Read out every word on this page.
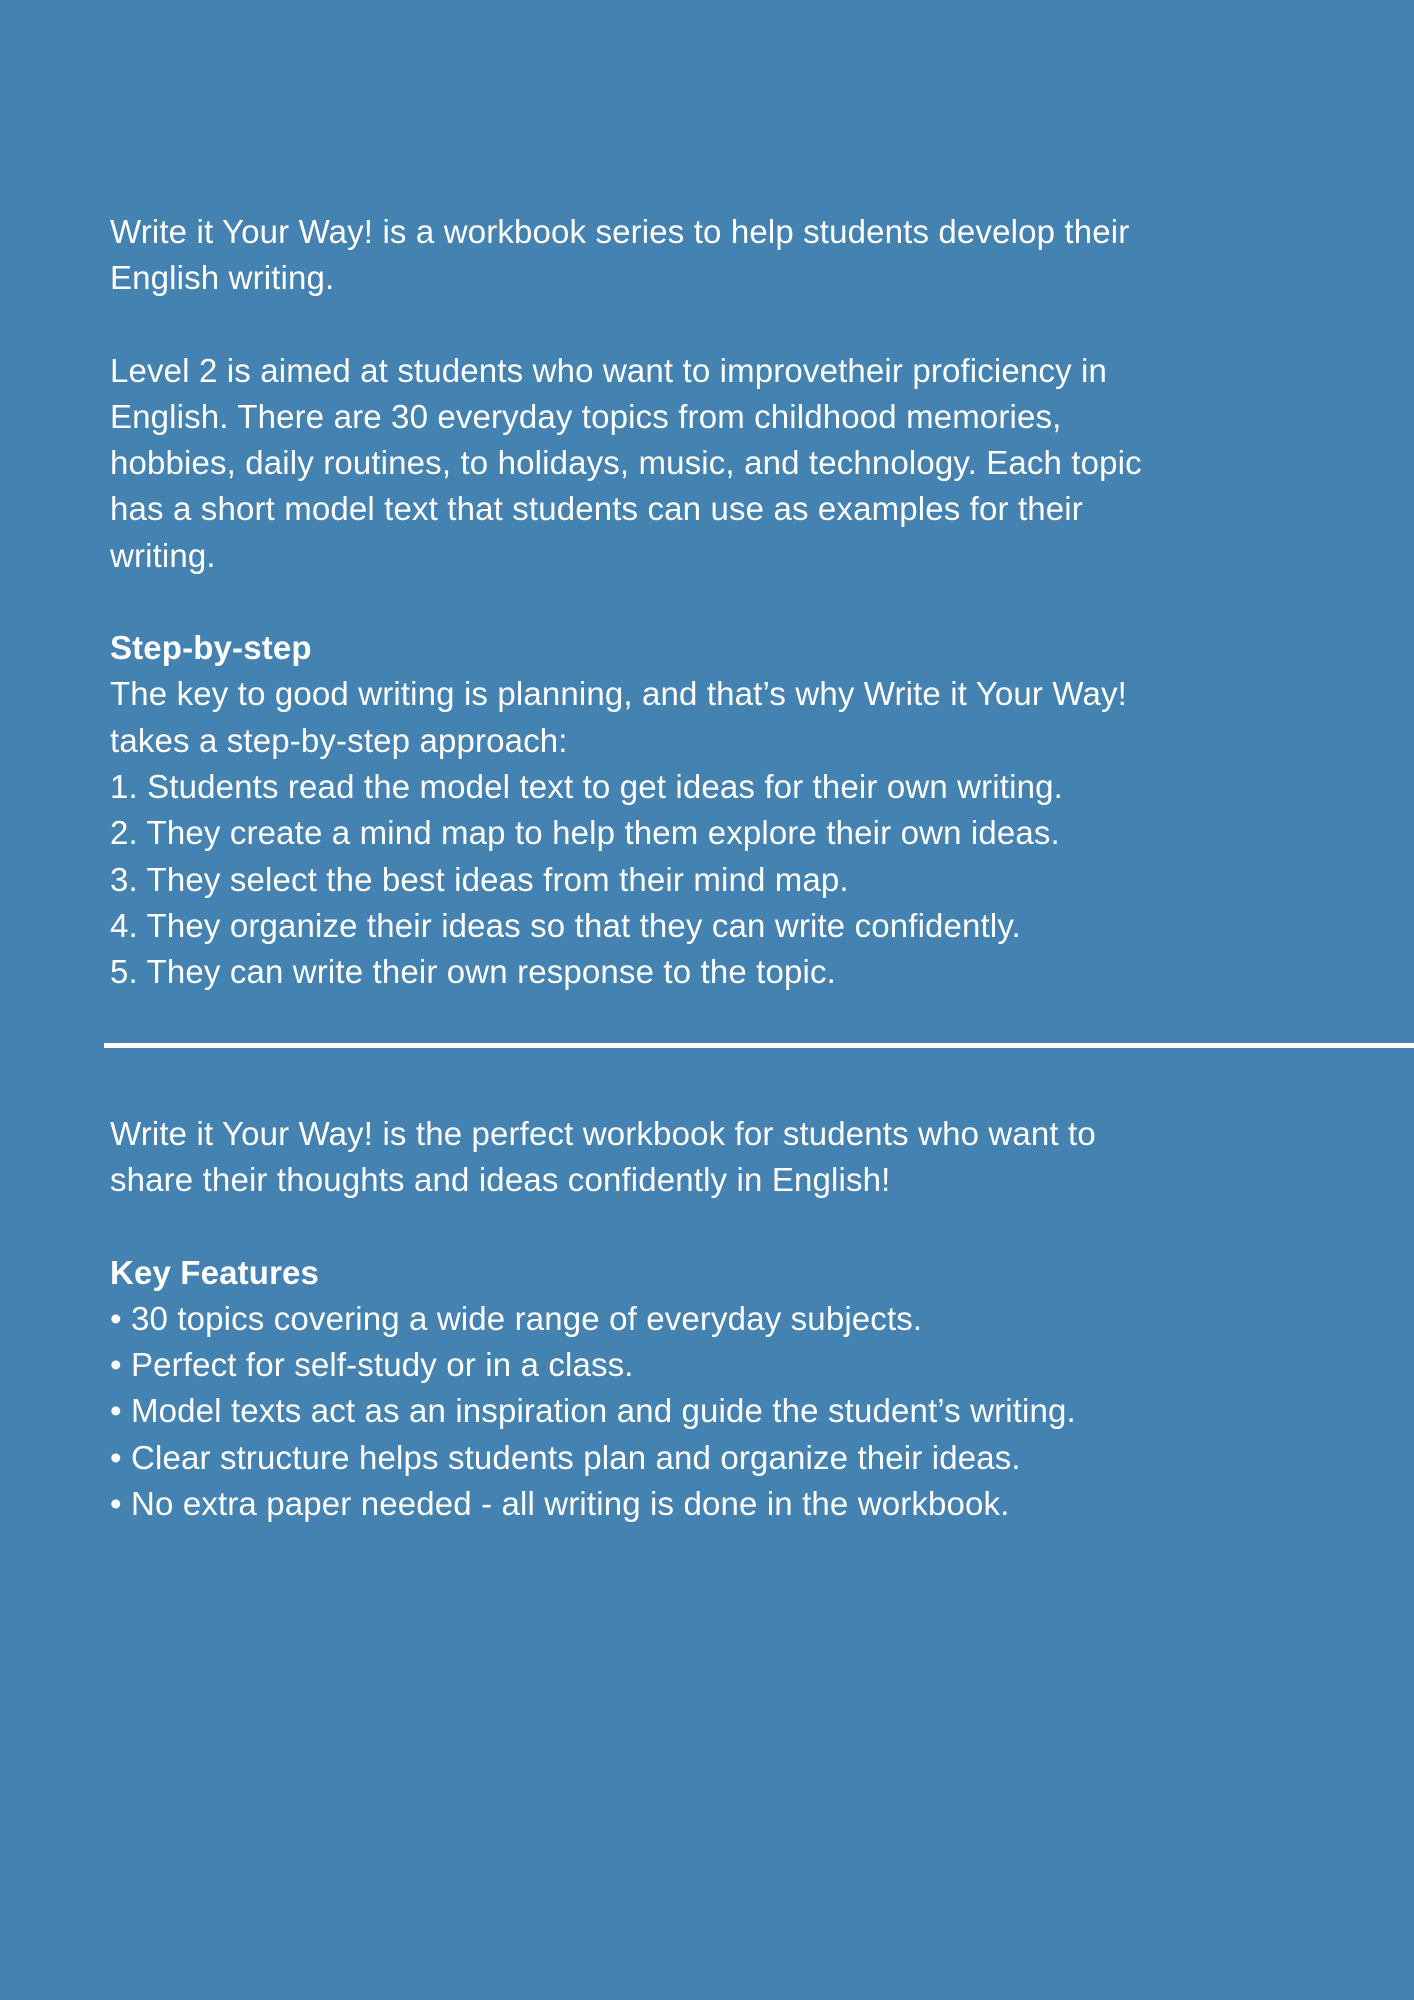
Write it Your Way! is a workbook series to help students develop their
English writing.
Level 2 is aimed at students who want to improvetheir proficiency in
English. There are 30 everyday topics from childhood memories,
hobbies, daily routines, to holidays, music, and technology. Each topic
has a short model text that students can use as examples for their
writing.
Step-by-step
The key to good writing is planning, and that’s why Write it Your Way!
takes a step-by-step approach:
1. Students read the model text to get ideas for their own writing.
2. They create a mind map to help them explore their own ideas.
3. They select the best ideas from their mind map.
4. They organize their ideas so that they can write confidently.
5. They can write their own response to the topic.
Write it Your Way! is the perfect workbook for students who want to
share their thoughts and ideas confidently in English!
Key Features
• 30 topics covering a wide range of everyday subjects.
• Perfect for self-study or in a class.
• Model texts act as an inspiration and guide the student’s writing.
• Clear structure helps students plan and organize their ideas.
• No extra paper needed - all writing is done in the workbook.
